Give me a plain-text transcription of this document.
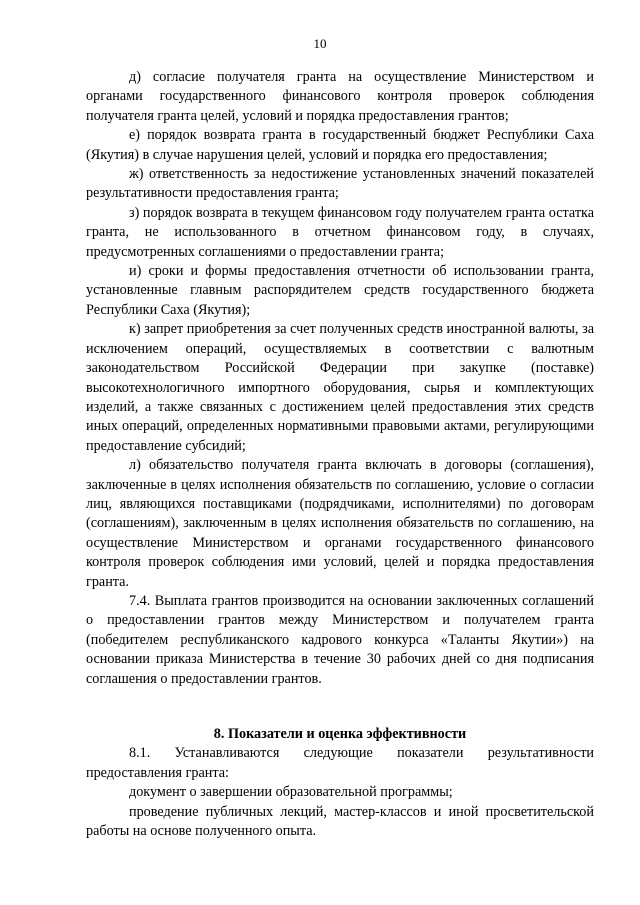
10

д) согласие получателя гранта на осуществление Министерством и органами государственного финансового контроля проверок соблюдения получателя гранта целей, условий и порядка предоставления грантов;

е) порядок возврата гранта в государственный бюджет Республики Саха (Якутия) в случае нарушения целей, условий и порядка его предоставления;

ж) ответственность за недостижение установленных значений показателей результативности предоставления гранта;

з) порядок возврата в текущем финансовом году получателем гранта остатка гранта, не использованного в отчетном финансовом году, в случаях, предусмотренных соглашениями о предоставлении гранта;

и) сроки и формы предоставления отчетности об использовании гранта, установленные главным распорядителем средств государственного бюджета Республики Саха (Якутия);

к) запрет приобретения за счет полученных средств иностранной валюты, за исключением операций, осуществляемых в соответствии с валютным законодательством Российской Федерации при закупке (поставке) высокотехнологичного импортного оборудования, сырья и комплектующих изделий, а также связанных с достижением целей предоставления этих средств иных операций, определенных нормативными правовыми актами, регулирующими предоставление субсидий;

л) обязательство получателя гранта включать в договоры (соглашения), заключенные в целях исполнения обязательств по соглашению, условие о согласии лиц, являющихся поставщиками (подрядчиками, исполнителями) по договорам (соглашениям), заключенным в целях исполнения обязательств по соглашению, на осуществление Министерством и органами государственного финансового контроля проверок соблюдения ими условий, целей и порядка предоставления гранта.

7.4. Выплата грантов производится на основании заключенных соглашений о предоставлении грантов между Министерством и получателем гранта (победителем республиканского кадрового конкурса «Таланты Якутии») на основании приказа Министерства в течение 30 рабочих дней со дня подписания соглашения о предоставлении грантов.

8. Показатели и оценка эффективности

8.1. Устанавливаются следующие показатели результативности предоставления гранта:

документ о завершении образовательной программы;

проведение публичных лекций, мастер-классов и иной просветительской работы на основе полученного опыта.
